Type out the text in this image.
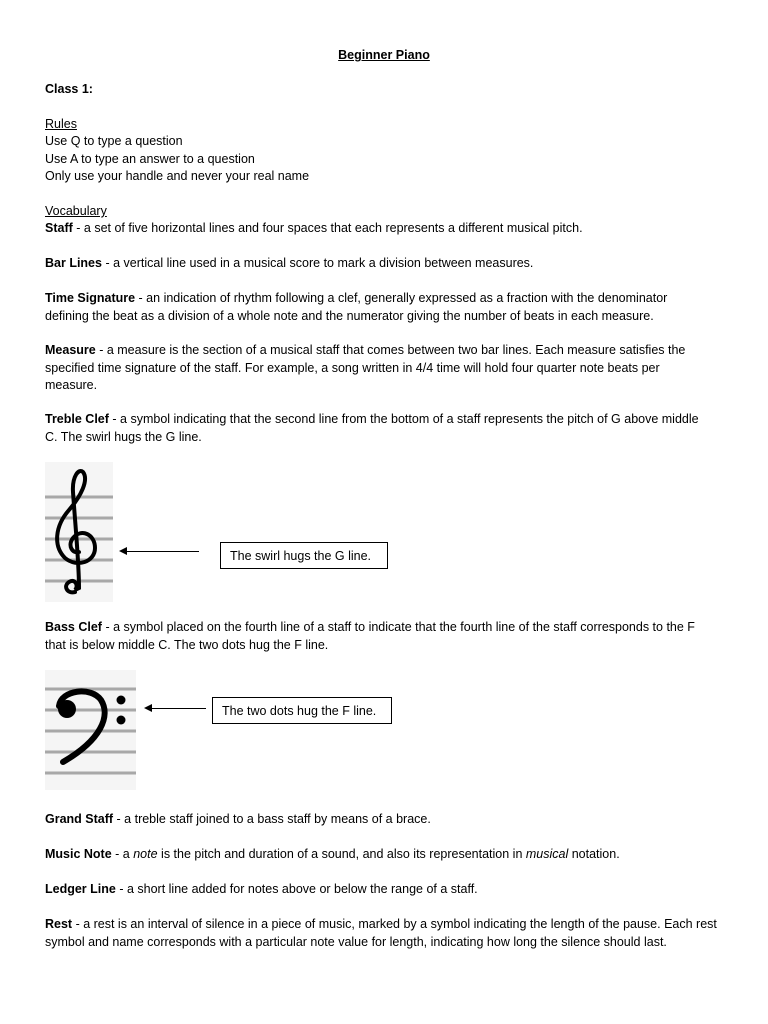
Beginner Piano
Class 1:
Rules
Use Q to type a question
Use A to type an answer to a question
Only use your handle and never your real name
Vocabulary
Staff - a set of five horizontal lines and four spaces that each represents a different musical pitch.
Bar Lines - a vertical line used in a musical score to mark a division between measures.
Time Signature - an indication of rhythm following a clef, generally expressed as a fraction with the denominator
defining the beat as a division of a whole note and the numerator giving the number of beats in each measure.
Measure - a measure is the section of a musical staff that comes between two bar lines. Each measure satisfies the
specified time signature of the staff. For example, a song written in 4/4 time will hold four quarter note beats per
measure.
Treble Clef - a symbol indicating that the second line from the bottom of a staff represents the pitch of G above middle
C. The swirl hugs the G line.
The swirl hugs the G line.
Bass Clef - a symbol placed on the fourth line of a staff to indicate that the fourth line of the staff corresponds to the F
that is below middle C. The two dots hug the F line.
The two dots hug the F line.
Grand Staff - a treble staff joined to a bass staff by means of a brace.
Music Note - a note is the pitch and duration of a sound, and also its representation in musical notation.
Ledger Line - a short line added for notes above or below the range of a staff.
Rest - a rest is an interval of silence in a piece of music, marked by a symbol indicating the length of the pause. Each rest
symbol and name corresponds with a particular note value for length, indicating how long the silence should last.
